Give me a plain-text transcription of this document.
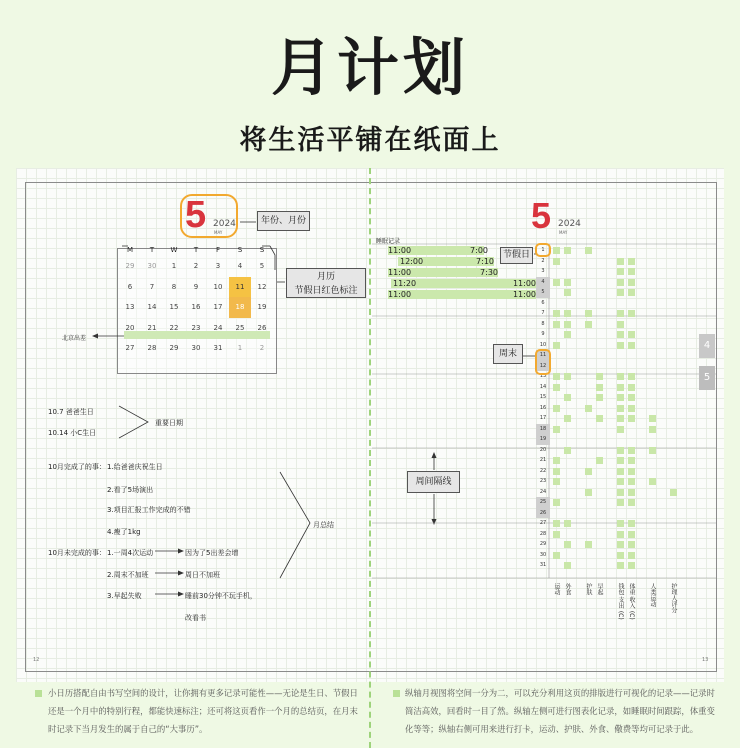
月计划
将生活平铺在纸面上
5 2024
MAY
年份、月份
M	T	W	T	F	S	S
29	30	1	2	3	4	5
6	7	8	9	10	11	12
13	14	15	16	17	18	19
20	21	22	23	24	25	26
27	28	29	30	31	1	2
月历
节假日红色标注
北京出差
10.7 爸爸生日
10.14 小C生日
重要日期
10月完成了的事： 1.给爸爸庆祝生日
2.看了5场演出
3.项目汇报工作完成的不错
4.瘦了1kg
月总结
10月未完成的事： 1.一周4次运动	因为了5出差会增
2.周末不加班	周日不加班
3.早起失败	睡前30分钟不玩手机，
改看书
12
5 2024
MAY
睡眠记录
11:00	7:00
12:00	7:10
11:00	7:30
11:20	11:00
11:00	11:00
节假日
周末
周间隔线
1
2
3
4
5
6
7
8
9
10
11
12
13
14
15
16
17
18
19
20
21
22
23
24
25
26
27
28
29
30
31
运动 外食 护肤 早起 钱包 支出 (C) 体重 收入 (C) 人类运动 护理人评分
13
4
5
小日历搭配自由书写空间的设计，让你拥有更多记录可能性——无论是生日、节假日还是一个月中的特别行程，都能快速标注；还可将这页看作一个月的总结页，在月末时记录下当月发生的属于自己的“大事历”。
纵轴月视图将空间一分为二，可以充分利用这页的排版进行可视化的记录——记录时简洁高效，回看时一目了然。纵轴左侧可进行图表化记录，如睡眠时间跟踪，体重变化等等；纵轴右侧可用来进行打卡，运动、护肤、外食、儆费等均可记录于此。
